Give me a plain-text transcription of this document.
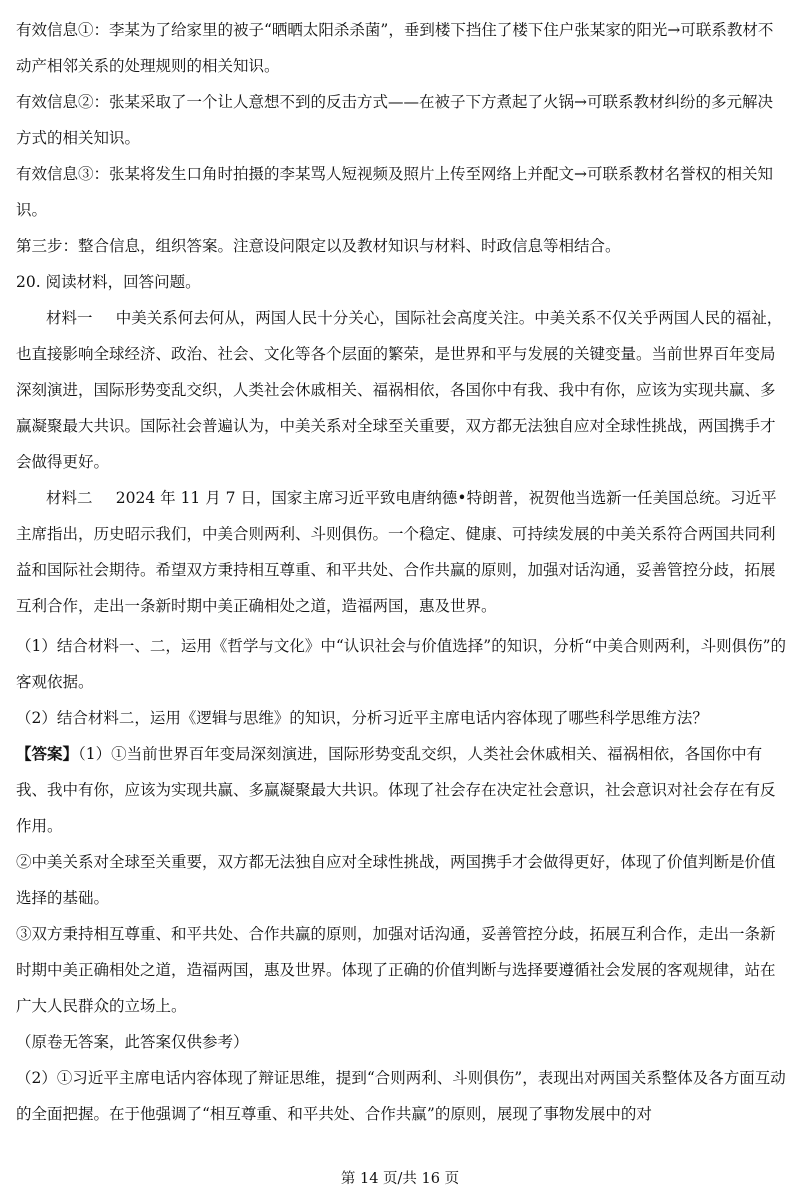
有效信息①：李某为了给家里的被子“晒晒太阳杀杀菌”，垂到楼下挡住了楼下住户张某家的阳光→可联系教材不动产相邻关系的处理规则的相关知识。

有效信息②：张某采取了一个让人意想不到的反击方式——在被子下方煮起了火锅→可联系教材纠纷的多元解决方式的相关知识。

有效信息③：张某将发生口角时拍摄的李某骂人短视频及照片上传至网络上并配文→可联系教材名誉权的相关知识。

第三步：整合信息，组织答案。注意设问限定以及教材知识与材料、时政信息等相结合。

20. 阅读材料，回答问题。

材料一   中美关系何去何从，两国人民十分关心，国际社会高度关注。中美关系不仅关乎两国人民的福祉，也直接影响全球经济、政治、社会、文化等各个层面的繁荣，是世界和平与发展的关键变量。当前世界百年变局深刻演进，国际形势变乱交织，人类社会休戚相关、福祸相依，各国你中有我、我中有你，应该为实现共赢、多赢凝聚最大共识。国际社会普遍认为，中美关系对全球至关重要，双方都无法独自应对全球性挑战，两国携手才会做得更好。

材料二   2024 年 11 月 7 日，国家主席习近平致电唐纳德•特朗普，祝贺他当选新一任美国总统。习近平主席指出，历史昭示我们，中美合则两利、斗则俱伤。一个稳定、健康、可持续发展的中美关系符合两国共同利益和国际社会期待。希望双方秉持相互尊重、和平共处、合作共赢的原则，加强对话沟通，妥善管控分歧，拓展互利合作，走出一条新时期中美正确相处之道，造福两国，惠及世界。

（1）结合材料一、二，运用《哲学与文化》中“认识社会与价值选择”的知识，分析“中美合则两利，斗则俱伤”的客观依据。

（2）结合材料二，运用《逻辑与思维》的知识，分析习近平主席电话内容体现了哪些科学思维方法？

【答案】（1）①当前世界百年变局深刻演进，国际形势变乱交织，人类社会休戚相关、福祸相依，各国你中有我、我中有你，应该为实现共赢、多赢凝聚最大共识。体现了社会存在决定社会意识，社会意识对社会存在有反作用。

②中美关系对全球至关重要，双方都无法独自应对全球性挑战，两国携手才会做得更好，体现了价值判断是价值选择的基础。

③双方秉持相互尊重、和平共处、合作共赢的原则，加强对话沟通，妥善管控分歧，拓展互利合作，走出一条新时期中美正确相处之道，造福两国，惠及世界。体现了正确的价值判断与选择要遵循社会发展的客观规律，站在广大人民群众的立场上。

（原卷无答案，此答案仅供参考）

（2）①习近平主席电话内容体现了辩证思维，提到“合则两利、斗则俱伤”，表现出对两国关系整体及各方面互动的全面把握。在于他强调了“相互尊重、和平共处、合作共赢”的原则，展现了事物发展中的对

第 14 页/共 16 页
